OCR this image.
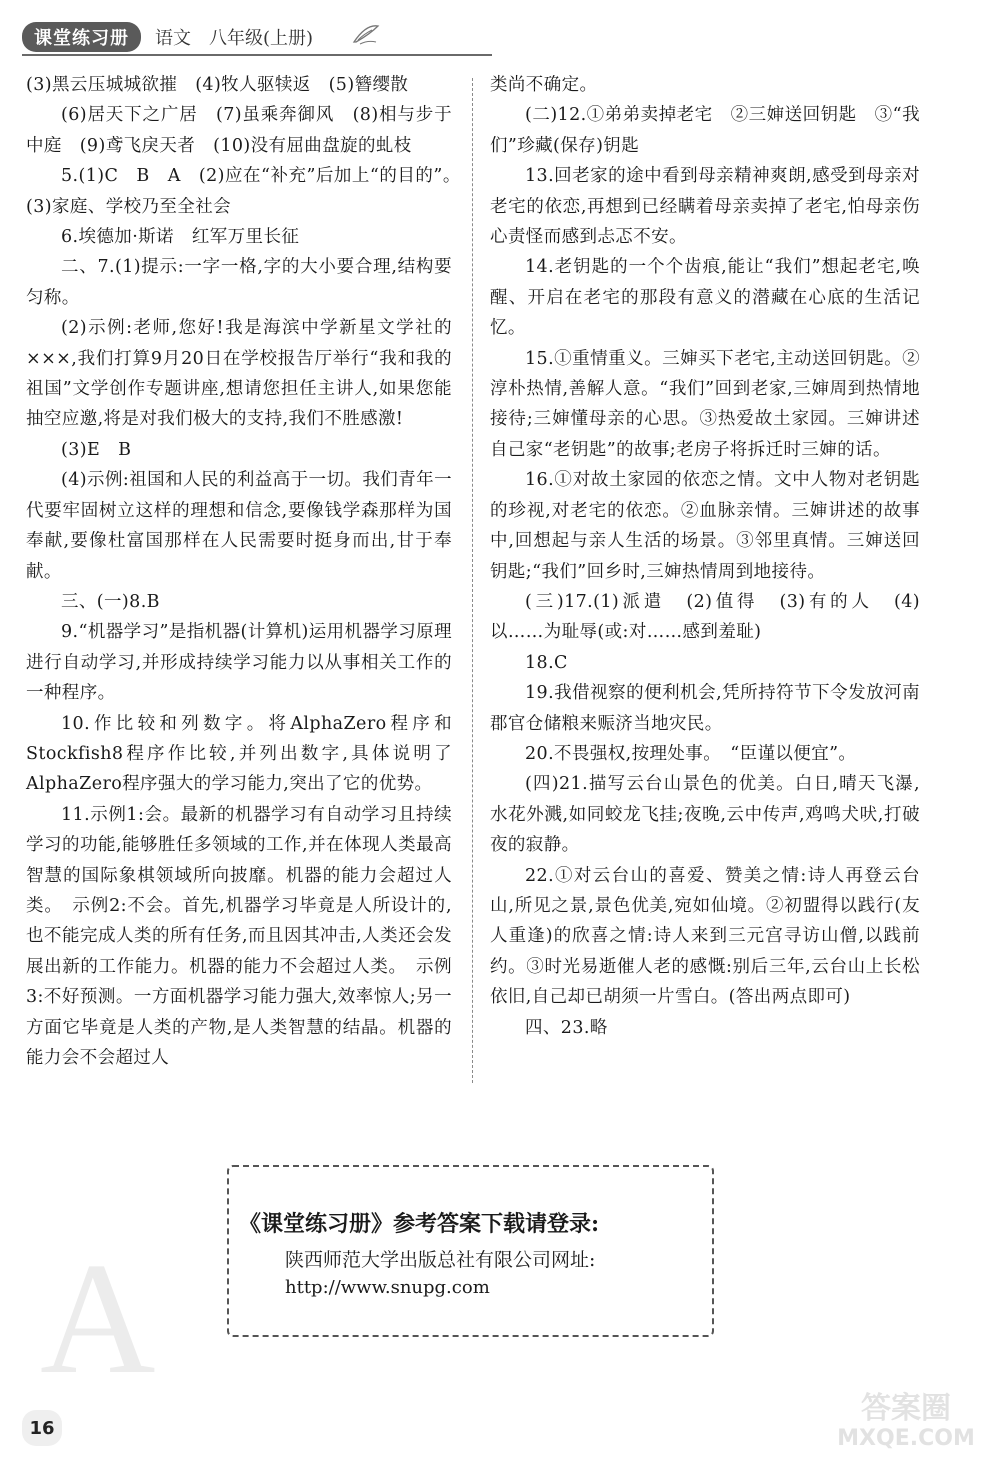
课堂练习册	语文　八年级(上册)

(3)黑云压城城欲摧　(4)牧人驱犊返　(5)簪缨散

(6)居天下之广居　(7)虽乘奔御风　(8)相与步于中庭　(9)鸢飞戾天者　(10)没有屈曲盘旋的虬枝

5.(1)C　B　A　(2)应在“补充”后加上“的目的”。　(3)家庭、学校乃至全社会

6.埃德加·斯诺　红军万里长征

二、7.(1)提示:一字一格,字的大小要合理,结构要匀称。

(2)示例:老师,您好!我是海滨中学新星文学社的×××,我们打算9月20日在学校报告厅举行“我和我的祖国”文学创作专题讲座,想请您担任主讲人,如果您能抽空应邀,将是对我们极大的支持,我们不胜感激!

(3)E　B

(4)示例:祖国和人民的利益高于一切。我们青年一代要牢固树立这样的理想和信念,要像钱学森那样为国奉献,要像杜富国那样在人民需要时挺身而出,甘于奉献。

三、(一)8.B

9.“机器学习”是指机器(计算机)运用机器学习原理进行自动学习,并形成持续学习能力以从事相关工作的一种程序。

10.作比较和列数字。将AlphaZero程序和Stockfish8程序作比较,并列出数字,具体说明了AlphaZero程序强大的学习能力,突出了它的优势。

11.示例1:会。最新的机器学习有自动学习且持续学习的功能,能够胜任多领域的工作,并在体现人类最高智慧的国际象棋领域所向披靡。机器的能力会超过人类。　示例2:不会。首先,机器学习毕竟是人所设计的,也不能完成人类的所有任务,而且因其冲击,人类还会发展出新的工作能力。机器的能力不会超过人类。　示例3:不好预测。一方面机器学习能力强大,效率惊人;另一方面它毕竟是人类的产物,是人类智慧的结晶。机器的能力会不会超过人

类尚不确定。

(二)12.①弟弟卖掉老宅　②三婶送回钥匙　③“我们”珍藏(保存)钥匙

13.回老家的途中看到母亲精神爽朗,感受到母亲对老宅的依恋,再想到已经瞒着母亲卖掉了老宅,怕母亲伤心责怪而感到忐忑不安。

14.老钥匙的一个个齿痕,能让“我们”想起老宅,唤醒、开启在老宅的那段有意义的潜藏在心底的生活记忆。

15.①重情重义。三婶买下老宅,主动送回钥匙。②淳朴热情,善解人意。“我们”回到老家,三婶周到热情地接待;三婶懂母亲的心思。③热爱故土家园。三婶讲述自己家“老钥匙”的故事;老房子将拆迁时三婶的话。

16.①对故土家园的依恋之情。文中人物对老钥匙的珍视,对老宅的依恋。②血脉亲情。三婶讲述的故事中,回想起与亲人生活的场景。③邻里真情。三婶送回钥匙;“我们”回乡时,三婶热情周到地接待。

(三)17.(1)派遣　(2)值得　(3)有的人　(4)以……为耻辱(或:对……感到羞耻)

18.C

19.我借视察的便利机会,凭所持符节下令发放河南郡官仓储粮来赈济当地灾民。

20.不畏强权,按理处事。　“臣谨以便宜”。

(四)21.描写云台山景色的优美。白日,晴天飞瀑,水花外溅,如同蛟龙飞挂;夜晚,云中传声,鸡鸣犬吠,打破夜的寂静。

22.①对云台山的喜爱、赞美之情:诗人再登云台山,所见之景,景色优美,宛如仙境。②初盟得以践行(友人重逢)的欣喜之情:诗人来到三元宫寻访山僧,以践前约。③时光易逝催人老的感慨:别后三年,云台山上长松依旧,自己却已胡须一片雪白。(答出两点即可)

四、23.略

A
《课堂练习册》参考答案下载请登录:
陕西师范大学出版总社有限公司网址:
http://www.snupg.com
16
答案圈
MXQE.COM
